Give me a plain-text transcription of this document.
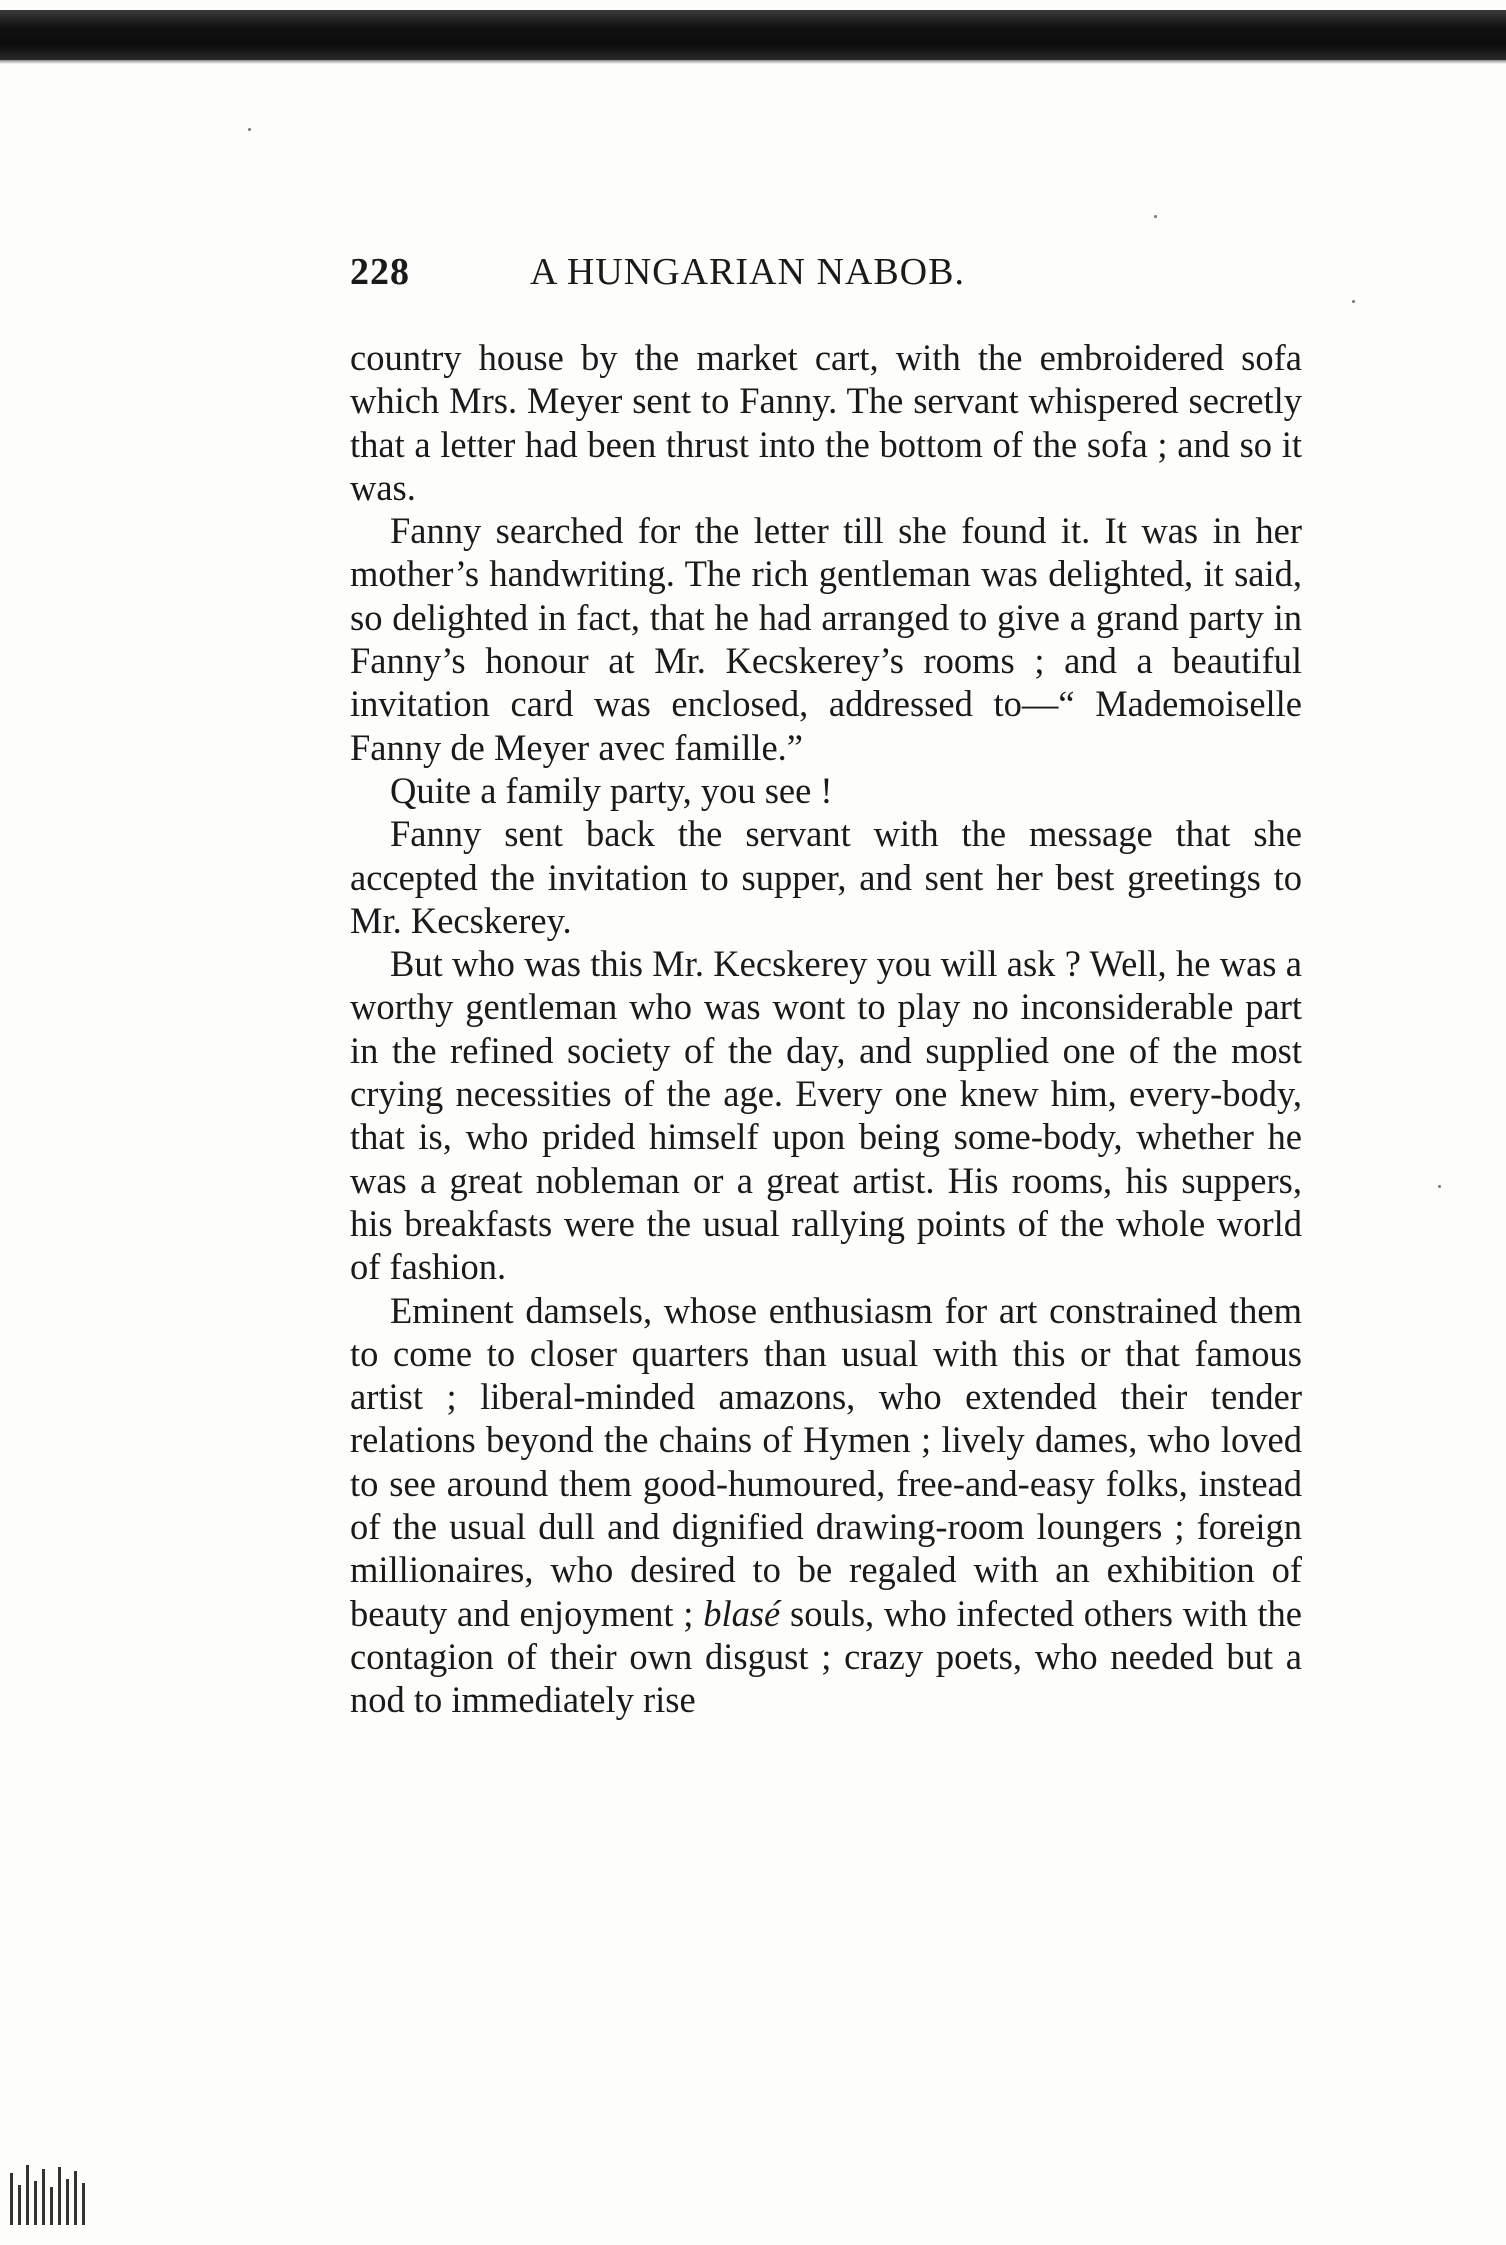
228	A HUNGARIAN NABOB.

country house by the market cart, with the embroidered sofa which Mrs. Meyer sent to Fanny. The servant whispered secretly that a letter had been thrust into the bottom of the sofa ; and so it was.

Fanny searched for the letter till she found it. It was in her mother’s handwriting. The rich gentleman was delighted, it said, so delighted in fact, that he had arranged to give a grand party in Fanny’s honour at Mr. Kecskerey’s rooms ; and a beautiful invitation card was enclosed, addressed to—“ Mademoiselle Fanny de Meyer avec famille.”

Quite a family party, you see !

Fanny sent back the servant with the message that she accepted the invitation to supper, and sent her best greetings to Mr. Kecskerey.

But who was this Mr. Kecskerey you will ask ? Well, he was a worthy gentleman who was wont to play no inconsiderable part in the refined society of the day, and supplied one of the most crying necessities of the age. Every one knew him, every-body, that is, who prided himself upon being some-body, whether he was a great nobleman or a great artist. His rooms, his suppers, his breakfasts were the usual rallying points of the whole world of fashion.

Eminent damsels, whose enthusiasm for art constrained them to come to closer quarters than usual with this or that famous artist ; liberal-minded amazons, who extended their tender relations beyond the chains of Hymen ; lively dames, who loved to see around them good-humoured, free-and-easy folks, instead of the usual dull and dignified drawing-room loungers ; foreign millionaires, who desired to be regaled with an exhibition of beauty and enjoyment ; blasé souls, who infected others with the contagion of their own disgust ; crazy poets, who needed but a nod to immediately rise
